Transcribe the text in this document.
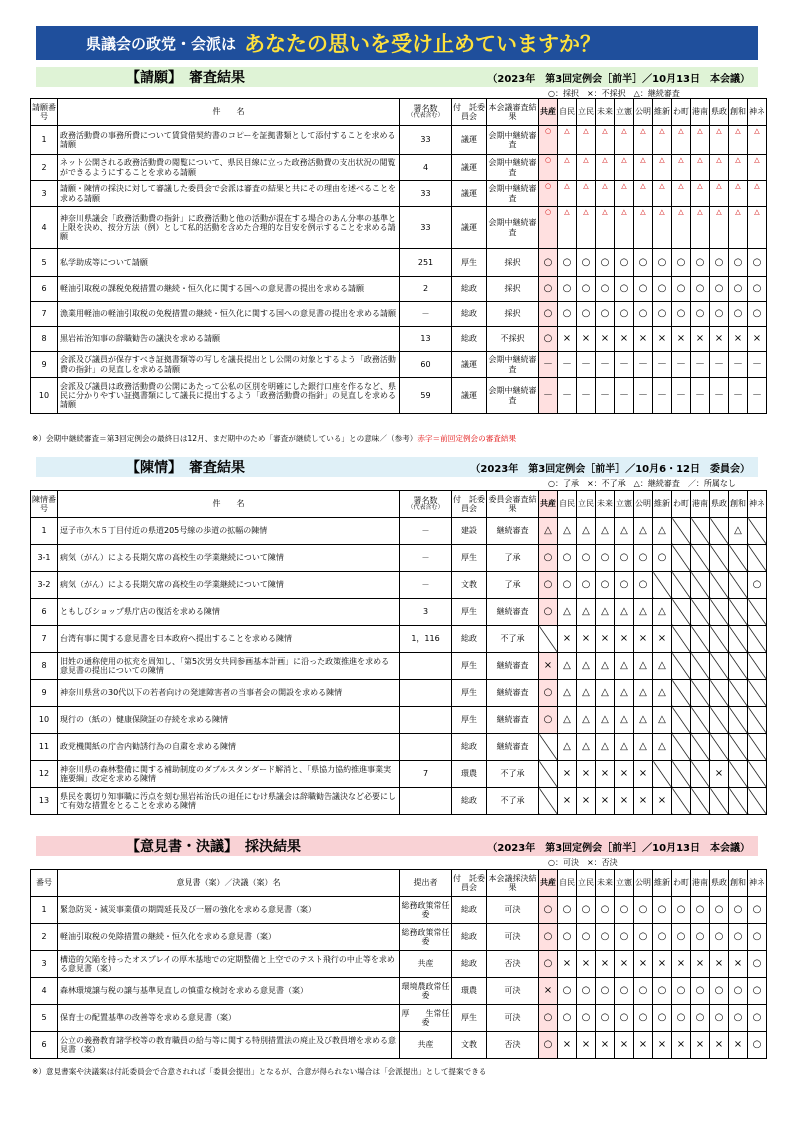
県議会の政党・会派は あなたの思いを受け止めていますか？
【請願】　審査結果	（2023年　第3回定例会［前半］／10月13日　本会議）
○：採択　×：不採択　△：継続審査
請願番号	件　　名	署名数
（代表含む）	付　託委員会	本会議審査結果	共産	自民	立民	未来	立憲	公明	維新	わ町	港南	県政	創和	神ネ
1	政務活動費の事務所費について賃貸借契約書のコピーを証拠書類として添付することを求める請願	33	議運	会期中継続審査	○	△	△	△	△	△	△	△	△	△	△	△
2	ネット公開される政務活動費の閲覧について、県民目線に立った政務活動費の支出状況の閲覧ができるようにすることを求める請願	4	議運	会期中継続審査	○	△	△	△	△	△	△	△	△	△	△	△
3	請願・陳情の採決に対して審議した委員会で会派は審査の結果と共にその理由を述べることを求める請願	33	議運	会期中継続審査	○	△	△	△	△	△	△	△	△	△	△	△
4	神奈川県議会「政務活動費の指針」に政務活動と他の活動が混在する場合のあん分率の基準と上限を決め、按分方法（例）として私的活動を含めた合理的な目安を例示することを求める請願	33	議運	会期中継続審査	○	△	△	△	△	△	△	△	△	△	△	△
5	私学助成等について請願	251	厚生	採択	○	○	○	○	○	○	○	○	○	○	○	○
6	軽油引取税の課税免税措置の継続・恒久化に関する国への意見書の提出を求める請願	2	総政	採択	○	○	○	○	○	○	○	○	○	○	○	○
7	漁業用軽油の軽油引取税の免税措置の継続・恒久化に関する国への意見書の提出を求める請願	－	総政	採択	○	○	○	○	○	○	○	○	○	○	○	○
8	黒岩祐治知事の辞職勧告の議決を求める請願	13	総政	不採択	○	×	×	×	×	×	×	×	×	×	×	×
9	会派及び議員が保存すべき証拠書類等の写しを議長提出とし公開の対象とするよう「政務活動費の指針」の見直しを求める請願	60	議運	会期中継続審査	－	－	－	－	－	－	－	－	－	－	－	－
10	会派及び議員は政務活動費の公開にあたって公私の区別を明確にした銀行口座を作るなど、県民に分かりやすい証拠書類にして議長に提出するよう「政務活動費の指針」の見直しを求める請願	59	議運	会期中継続審査	－	－	－	－	－	－	－	－	－	－	－	－
※）会期中継続審査＝第3回定例会の最終日は12月、まだ期中のため「審査が継続している」との意味／（参考）赤字＝前回定例会の審査結果
【陳情】　審査結果	（2023年　第3回定例会［前半］／10月6・12日　委員会）
○：了承　×：不了承　△：継続審査　／：所属なし
陳情番号	件　　名	署名数
（代表含む）	付　託委員会	委員会審査結果	共産	自民	立民	未来	立憲	公明	維新	わ町	港南	県政	創和	神ネ
1	逗子市久木５丁目付近の県道205号線の歩道の拡幅の陳情	－	建設	継続審査	△	△	△	△	△	△	△				△	
3-1	病気（がん）による長期欠席の高校生の学業継続について陳情	－	厚生	了承	○	○	○	○	○	○	○					
3-2	病気（がん）による長期欠席の高校生の学業継続について陳情	－	文教	了承	○	○	○	○	○	○						○
6	ともしびショップ県庁店の復活を求める陳情	3	厚生	継続審査	○	△	△	△	△	△	△					
7	台湾有事に関する意見書を日本政府へ提出することを求める陳情	1，116	総政	不了承		×	×	×	×	×	×					
8	旧姓の通称使用の拡充を周知し、「第5次男女共同参画基本計画」に沿った政策推進を求める意見書の提出についての陳情		厚生	継続審査	×	△	△	△	△	△	△					
9	神奈川県営の30代以下の若者向けの発達障害者の当事者会の開設を求める陳情		厚生	継続審査	○	△	△	△	△	△	△					
10	現行の（紙の）健康保険証の存続を求める陳情		厚生	継続審査	○	△	△	△	△	△	△					
11	政党機関紙の庁舎内勧誘行為の自粛を求める陳情		総政	継続審査		△	△	△	△	△	△					
12	神奈川県の森林整備に関する補助制度のダブルスタンダード解消と、「県協力協約推進事業実施要綱」改定を求める陳情	7	環農	不了承		×	×	×	×	×				×		
13	県民を裏切り知事職に汚点を刻む黒岩祐治氏の退任にむけ県議会は辞職勧告議決など必要にして有効な措置をとることを求める陳情		総政	不了承		×	×	×	×	×	×					
【意見書・決議】　採決結果	（2023年　第3回定例会［前半］／10月13日　本会議）
○：可決　×：否決
番号	意見書（案）／決議（案）名	提出者	付　託委員会	本会議採決結果	共産	自民	立民	未来	立憲	公明	維新	わ町	港南	県政	創和	神ネ
1	緊急防災・減災事業債の期間延長及び一層の強化を求める意見書（案）	総務政策常任委	総政	可決	○	○	○	○	○	○	○	○	○	○	○	○
2	軽油引取税の免除措置の継続・恒久化を求める意見書（案）	総務政策常任委	総政	可決	○	○	○	○	○	○	○	○	○	○	○	○
3	構造的欠陥を持ったオスプレイの厚木基地での定期整備と上空でのテスト飛行の中止等を求める意見書（案）	共産	総政	否決	○	×	×	×	×	×	×	×	×	×	×	○
4	森林環境譲与税の譲与基準見直しの慎重な検討を求める意見書（案）	環境農政常任委	環農	可決	×	○	○	○	○	○	○	○	○	○	○	○
5	保育士の配置基準の改善等を求める意見書（案）	厚　　生常任委	厚生	可決	○	○	○	○	○	○	○	○	○	○	○	○
6	公立の義務教育諸学校等の教育職員の給与等に関する特別措置法の廃止及び教員増を求める意見書（案）	共産	文教	否決	○	×	×	×	×	×	×	×	×	×	×	○
※）意見書案や決議案は付託委員会で合意されれば「委員会提出」となるが、合意が得られない場合は「会派提出」として提案できる
